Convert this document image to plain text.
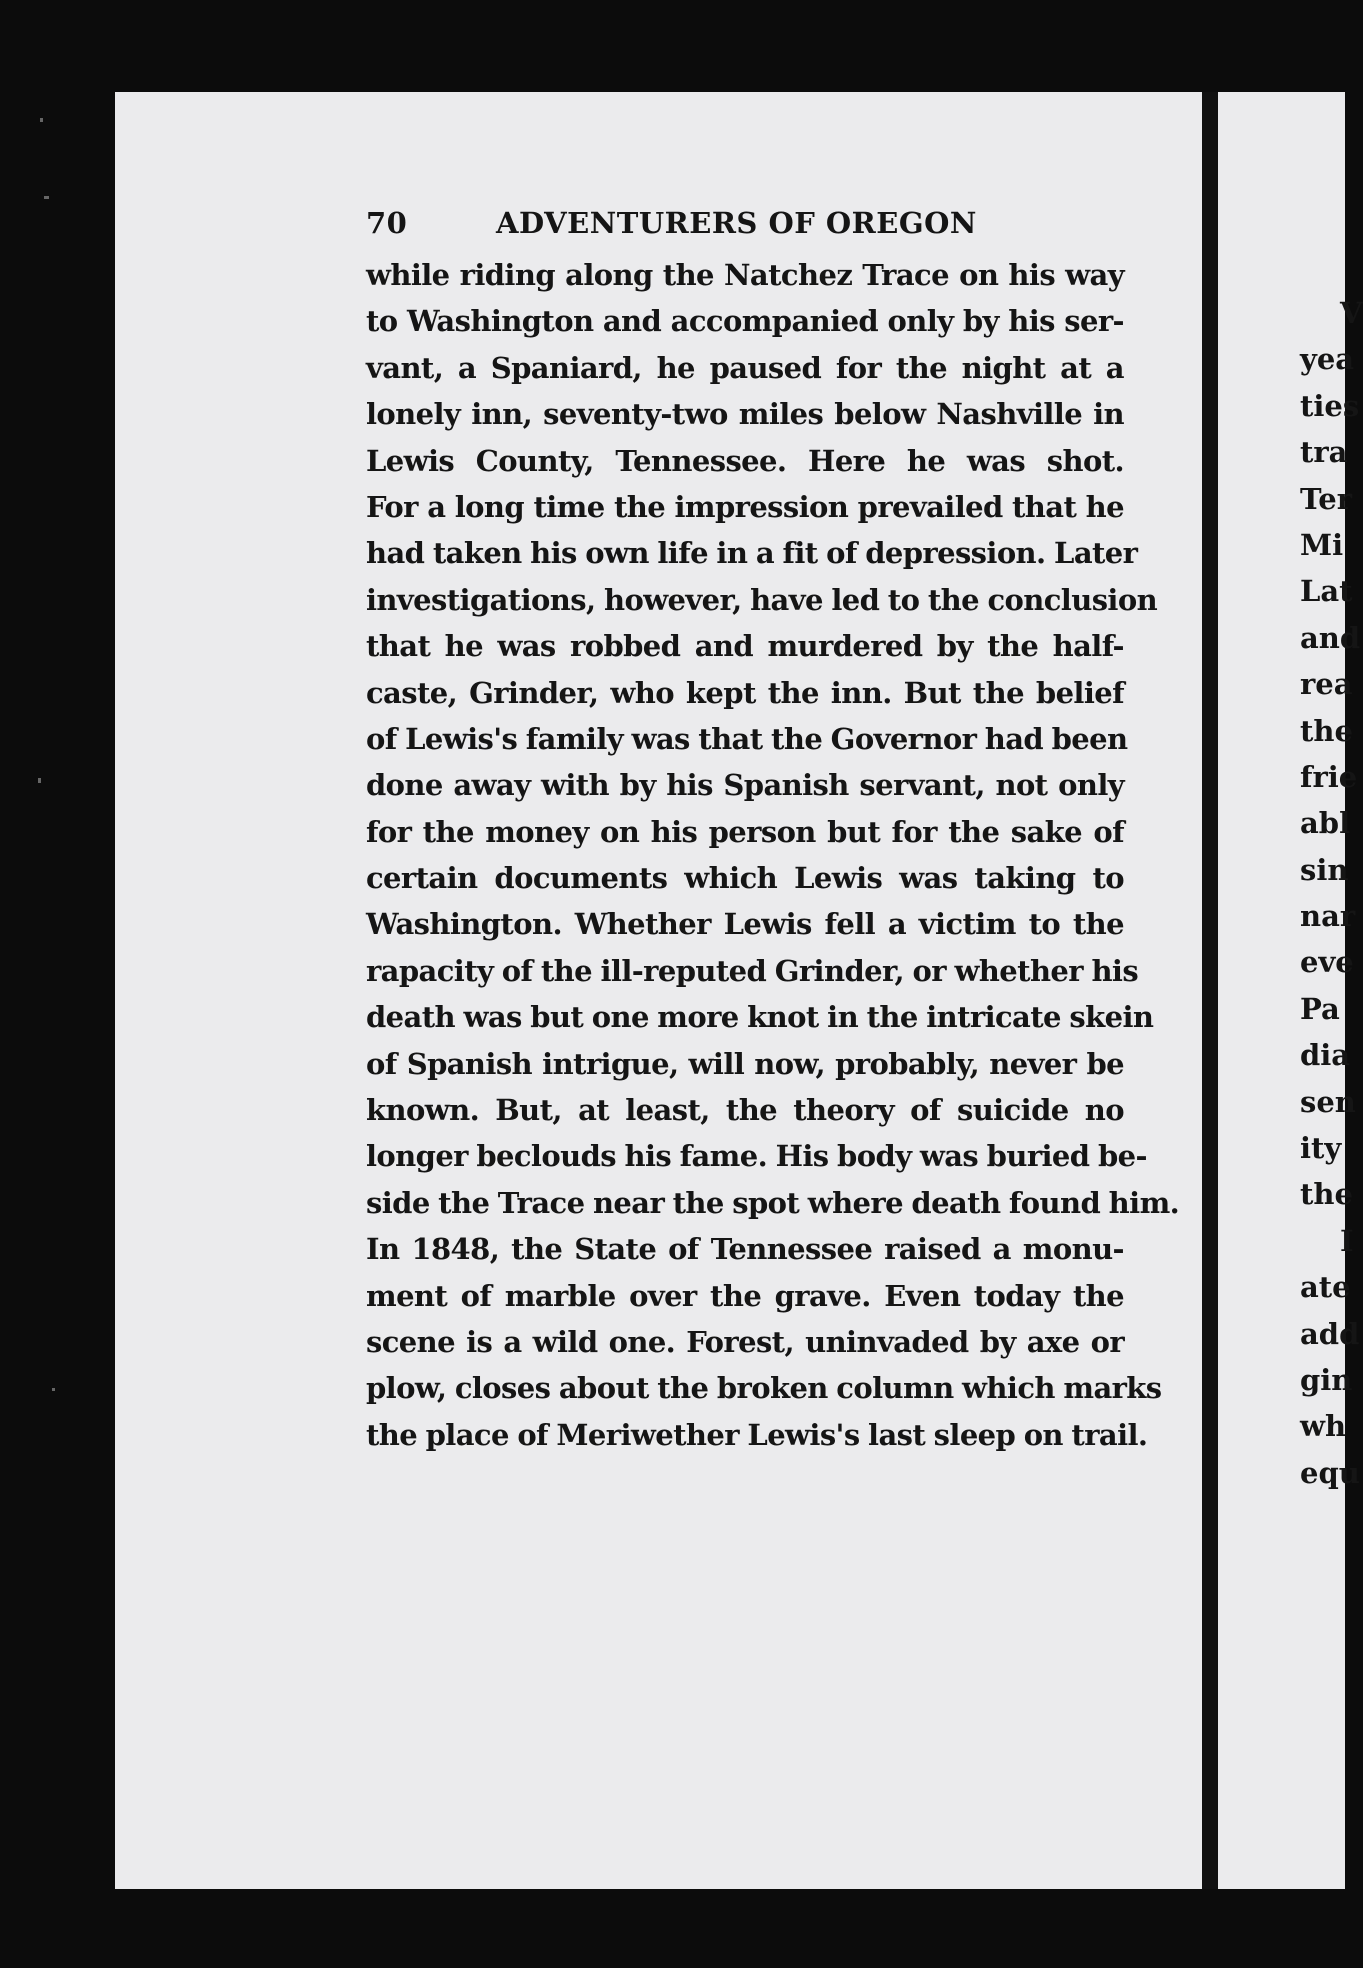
70	ADVENTURERS OF OREGON

while riding along the Natchez Trace on his way
to Washington and accompanied only by his ser-
vant, a Spaniard, he paused for the night at a
lonely inn, seventy-two miles below Nashville in
Lewis County, Tennessee. Here he was shot.
For a long time the impression prevailed that he
had taken his own life in a fit of depression. Later
investigations, however, have led to the conclusion
that he was robbed and murdered by the half-
caste, Grinder, who kept the inn. But the belief
of Lewis's family was that the Governor had been
done away with by his Spanish servant, not only
for the money on his person but for the sake of
certain documents which Lewis was taking to
Washington. Whether Lewis fell a victim to the
rapacity of the ill-reputed Grinder, or whether his
death was but one more knot in the intricate skein
of Spanish intrigue, will now, probably, never be
known. But, at least, the theory of suicide no
longer beclouds his fame. His body was buried be-
side the Trace near the spot where death found him.
In 1848, the State of Tennessee raised a monu-
ment of marble over the grave. Even today the
scene is a wild one. Forest, uninvaded by axe or
plow, closes about the broken column which marks
the place of Meriwether Lewis's last sleep on trail.

V
yea
ties
tra
Ter
Mi
Lat
and
rea
the
frie
abl
sin
nar
eve
Pa
dia
sen
ity
the
I
ate
add
gin
wh
equ
